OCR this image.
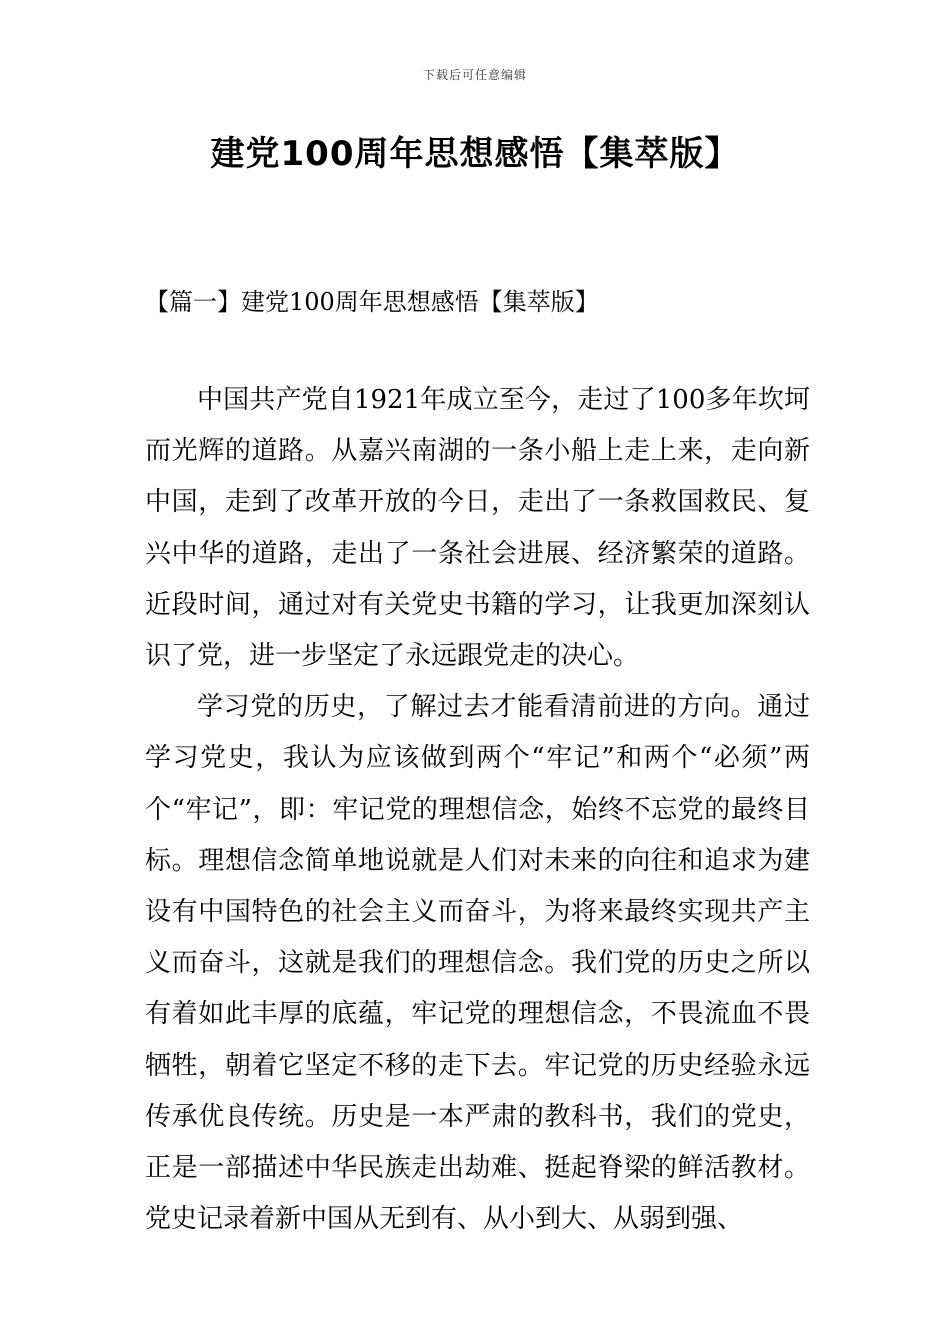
下载后可任意编辑
建党100周年思想感悟【集萃版】
【篇一】建党100周年思想感悟【集萃版】

中国共产党自1921年成立至今，走过了100多年坎坷而光辉的道路。从嘉兴南湖的一条小船上走上来，走向新中国，走到了改革开放的今日，走出了一条救国救民、复兴中华的道路，走出了一条社会进展、经济繁荣的道路。近段时间，通过对有关党史书籍的学习，让我更加深刻认识了党，进一步坚定了永远跟党走的决心。

学习党的历史，了解过去才能看清前进的方向。通过学习党史，我认为应该做到两个“牢记”和两个“必须”两个“牢记”，即：牢记党的理想信念，始终不忘党的最终目标。理想信念简单地说就是人们对未来的向往和追求为建设有中国特色的社会主义而奋斗，为将来最终实现共产主义而奋斗，这就是我们的理想信念。我们党的历史之所以有着如此丰厚的底蕴，牢记党的理想信念，不畏流血不畏牺牲，朝着它坚定不移的走下去。牢记党的历史经验永远传承优良传统。历史是一本严肃的教科书，我们的党史，正是一部描述中华民族走出劫难、挺起脊梁的鲜活教材。党史记录着新中国从无到有、从小到大、从弱到强、
